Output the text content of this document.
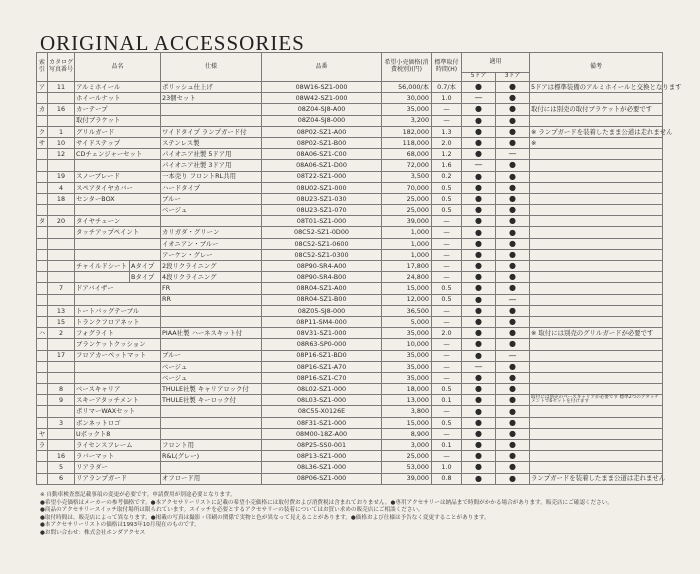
ORIGINAL ACCESSORIES
索引	カタログ写真番号	品名		仕様	品番	希望小売価格(消費税別)(円)	標準取付時間(H)	適用		備考
								5ドア	3ドア	
ア	11	アルミホイール		ポリッシュ仕上げ	08W16-SZ1-000	56,000/本	0.7/本	●	●	5ドアは標準装備のアルミホイールと交換となります
		ホイールナット		23個セット	08W42-SZ1-000	30,000	1.0	—	●	
カ	16	カーテープ			08Z04-SJ8-A00	35,000	—	●	●	取付には別売の取付ブラケットが必要です
		取付ブラケット			08Z04-SJ8-000	3,200	—	●	●	
ク	1	グリルガード		ワイドタイプ ランプガード付	08P02-SZ1-A00	182,000	1.3	●	●	※ ランプガードを装着したまま公道は走れません
サ	10	サイドステップ		ステンレス製	08P02-SZ1-B00	118,000	2.0	●	●	※
	12	CDチェンジャーセット		パイオニア社製 5ドア用	08A06-SZ1-C00	68,000	1.2	●	—	
				パイオニア社製 3ドア用	08A06-SZ1-D00	72,000	1.6	—	●	
	19	スノーブレード		一本売り フロントRL共用	08T22-SZ1-000	3,500	0.2	●	●	
	4	スペアタイヤカバー		ハードタイプ	08U02-SZ1-000	70,000	0.5	●	●	
	18	センターBOX		ブルー	08U23-SZ1-030	25,000	0.5	●	●	
				ベージュ	08U23-SZ1-070	25,000	0.5	●	●	
タ	20	タイヤチェーン			08T01-SZ1-000	39,000	—	●	●	
		タッチアップペイント		カリガダ・グリーン	08C52-SZ1-0D00	1,000	—	●	●	
				イオニアン・ブルー	08C52-SZ1-0600	1,000	—	●	●	
				アーケン・グレー	08C52-SZ1-0300	1,000	—	●	●	
		チャイルドシート	Aタイプ	2段リクライニング	08P90-SR4-A00	17,800	—	●	●	
			Bタイプ	4段リクライニング	08P90-SR4-B00	24,800	—	●	●	
	7	ドアバイザー		FR	08R04-SZ1-A00	15,000	0.5	●	●	
				RR	08R04-SZ1-B00	12,000	0.5	●	—	
	13	トートバッグテーブル			08Z05-SJ8-000	36,500	—	●	●	
	15	トランクフロアネット			08P11-SM4-000	5,000	—	●	●	
ハ	2	フォグライト		PIAA社製 ハーネスキット付	08V31-SZ1-000	35,000	2.0	●	●	※ 取付には別売のグリルガードが必要です
		ブランケットクッション			08R63-SP0-000	10,000	—	●	●	
	17	フロアカーペットマット		ブルー	08P16-SZ1-BD0	35,000	—	●	—	
				ベージュ	08P16-SZ1-A70	35,000	—	—	●	
				ベージュ	08P16-SZ1-C70	35,000	—	●	●	
	8	ベースキャリア		THULE社製 キャリアロック付	08L02-SZ1-000	18,000	0.5	●	●	
	9	スキーアタッチメント		THULE社製 キーロック付	08L03-SZ1-000	13,000	0.1	●	●	取付には別売のベースキャリアが必要です 標準2つのアタッチメントで6セットを付けます
		ポリマーWAXセット			08C55-X0126E	3,800	—	●	●	
	3	ボンネットロゴ			08F31-SZ1-000	15,000	0.5	●	●	
ヤ		Uボックト8			08M00-18Z-A00	8,900	—	●	●	
ラ		ライセンスフレーム		フロント用	08P25-SS0-001	3,000	0.1	●	●	
	16	ラバーマット		R&L(グレー)	08P13-SZ1-000	25,000	—	●	●	
	5	リアラダー			08L36-SZ1-000	53,000	1.0	●	●	
	6	リアランプガード		オフロード用	08P06-SZ1-000	39,000	0.8	●	●	ランプガードを装着したまま公道は走れません
※ 自動車検査票記載事項の変更が必要です。申請費用が別途必要となります。
●希望小売価格はメーカーの参考価格です。●本アクセサリーリストに記載の希望小売価格には取付費および消費税は含まれておりません。●専用アクセサリーは納品まで時間がかかる場合があります。販売店にご確認ください。
●商品のアクセサリースイッチ取付場所は限られています。スイッチを必要とするアクセサリーの装着についてはお買い求めの販売店にご相談ください。
●取付時間は、販売店によって異なります。●掲載の写真は撮影・印刷の関係で実物と色が異なって見えることがあります。●価格および仕様は予告なく変更することがあります。
●本アクセサリーリストの価格は1993年10月現在のものです。
●お問い合わせ：株式会社ホンダアクセス
